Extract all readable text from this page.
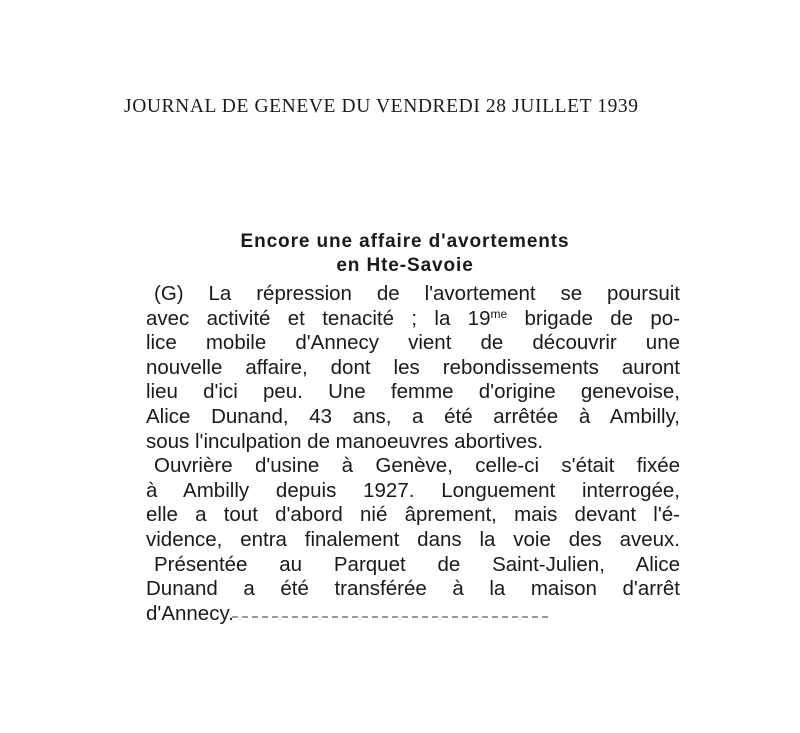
JOURNAL DE GENEVE DU VENDREDI 28 JUILLET 1939
Encore une affaire d'avortements
en Hte-Savoie
(G) La répression de l'avortement se poursuit
avec activité et tenacité ; la $19^{me}$ brigade de po-
lice mobile d'Annecy vient de découvrir une
nouvelle affaire, dont les rebondissements auront
lieu d'ici peu. Une femme d'origine genevoise,
Alice Dunand, 43 ans, a été arrêtée à Ambilly,
sous l'inculpation de manoeuvres abortives.
Ouvrière d'usine à Genève, celle-ci s'était fixée
à Ambilly depuis 1927. Longuement interrogée,
elle a tout d'abord nié âprement, mais devant l'é-
vidence, entra finalement dans la voie des aveux.
Présentée au Parquet de Saint-Julien, Alice
Dunand a été transférée à la maison d'arrêt
d'Annecy.
